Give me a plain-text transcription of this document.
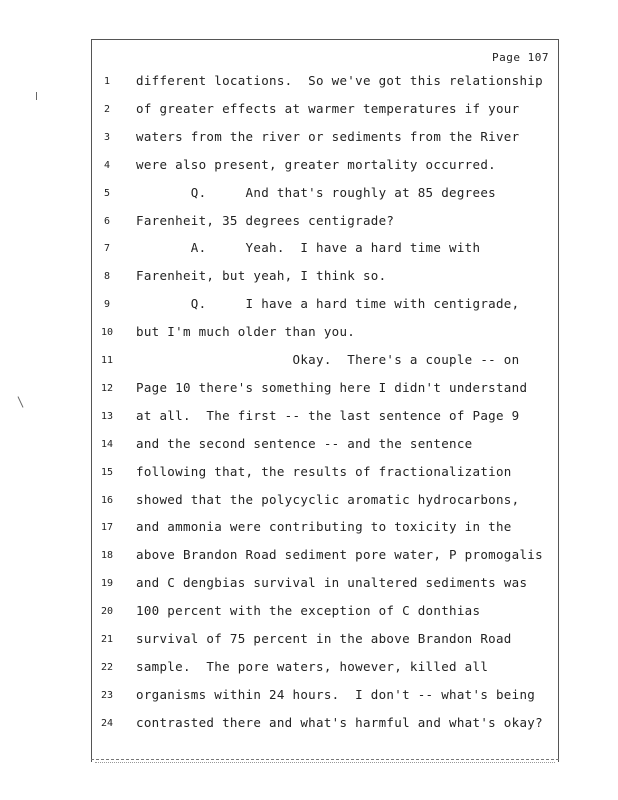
Page 107
1	different locations.  So we've got this relationship
2	of greater effects at warmer temperatures if your
3	waters from the river or sediments from the River
4	were also present, greater mortality occurred.
5	Q.     And that's roughly at 85 degrees
6	Farenheit, 35 degrees centigrade?
7	A.     Yeah.  I have a hard time with
8	Farenheit, but yeah, I think so.
9	Q.     I have a hard time with centigrade,
10	but I'm much older than you.
11	Okay.  There's a couple -- on
12	Page 10 there's something here I didn't understand
13	at all.  The first -- the last sentence of Page 9
14	and the second sentence -- and the sentence
15	following that, the results of fractionalization
16	showed that the polycyclic aromatic hydrocarbons,
17	and ammonia were contributing to toxicity in the
18	above Brandon Road sediment pore water, P promogalis
19	and C dengbias survival in unaltered sediments was
20	100 percent with the exception of C donthias
21	survival of 75 percent in the above Brandon Road
22	sample.  The pore waters, however, killed all
23	organisms within 24 hours.  I don't -- what's being
24	contrasted there and what's harmful and what's okay?
